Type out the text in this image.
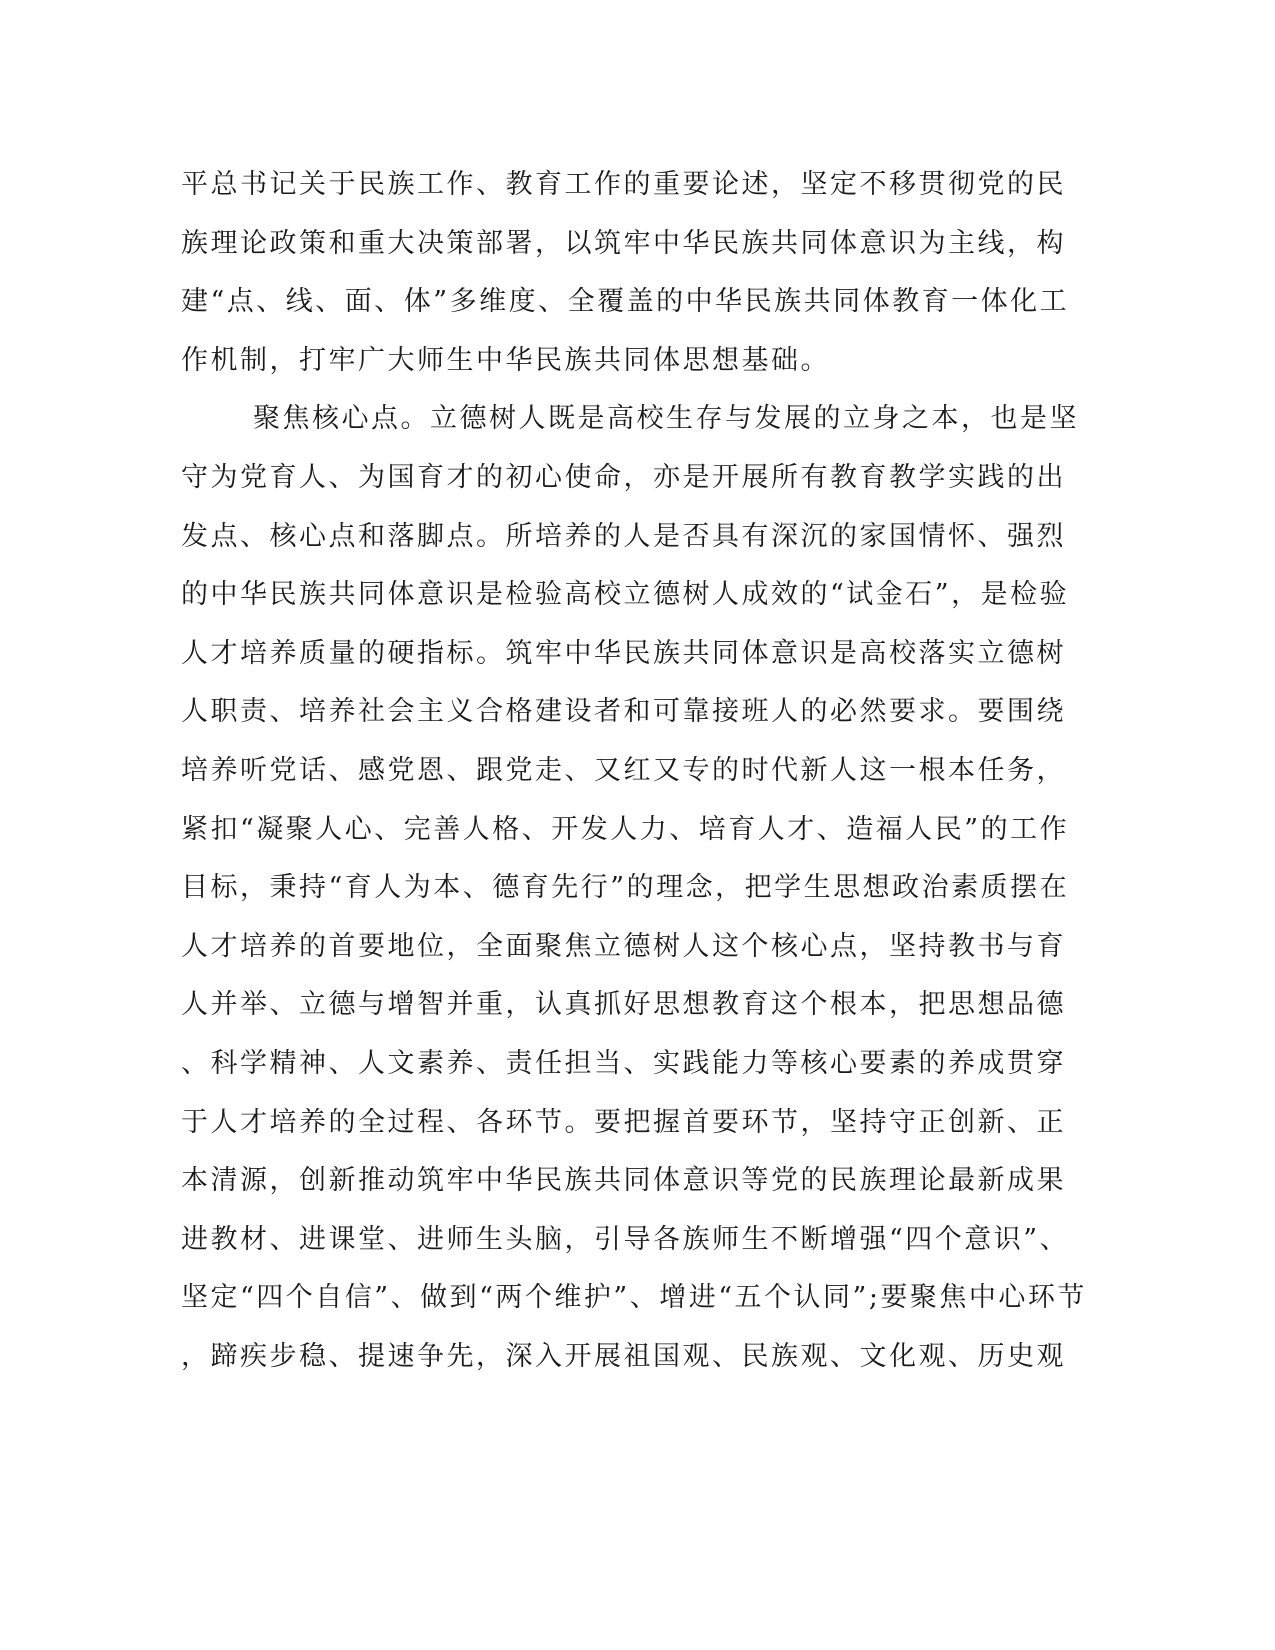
平总书记关于民族工作、教育工作的重要论述，坚定不移贯彻党的民
族理论政策和重大决策部署，以筑牢中华民族共同体意识为主线，构
建“点、线、面、体”多维度、全覆盖的中华民族共同体教育一体化工
作机制，打牢广大师生中华民族共同体思想基础。
聚焦核心点。立德树人既是高校生存与发展的立身之本，也是坚
守为党育人、为国育才的初心使命，亦是开展所有教育教学实践的出
发点、核心点和落脚点。所培养的人是否具有深沉的家国情怀、强烈
的中华民族共同体意识是检验高校立德树人成效的“试金石”，是检验
人才培养质量的硬指标。筑牢中华民族共同体意识是高校落实立德树
人职责、培养社会主义合格建设者和可靠接班人的必然要求。要围绕
培养听党话、感党恩、跟党走、又红又专的时代新人这一根本任务，
紧扣“凝聚人心、完善人格、开发人力、培育人才、造福人民”的工作
目标，秉持“育人为本、德育先行”的理念，把学生思想政治素质摆在
人才培养的首要地位，全面聚焦立德树人这个核心点，坚持教书与育
人并举、立德与增智并重，认真抓好思想教育这个根本，把思想品德
、科学精神、人文素养、责任担当、实践能力等核心要素的养成贯穿
于人才培养的全过程、各环节。要把握首要环节，坚持守正创新、正
本清源，创新推动筑牢中华民族共同体意识等党的民族理论最新成果
进教材、进课堂、进师生头脑，引导各族师生不断增强“四个意识”、
坚定“四个自信”、做到“两个维护”、增进“五个认同”;要聚焦中心环节
，蹄疾步稳、提速争先，深入开展祖国观、民族观、文化观、历史观
